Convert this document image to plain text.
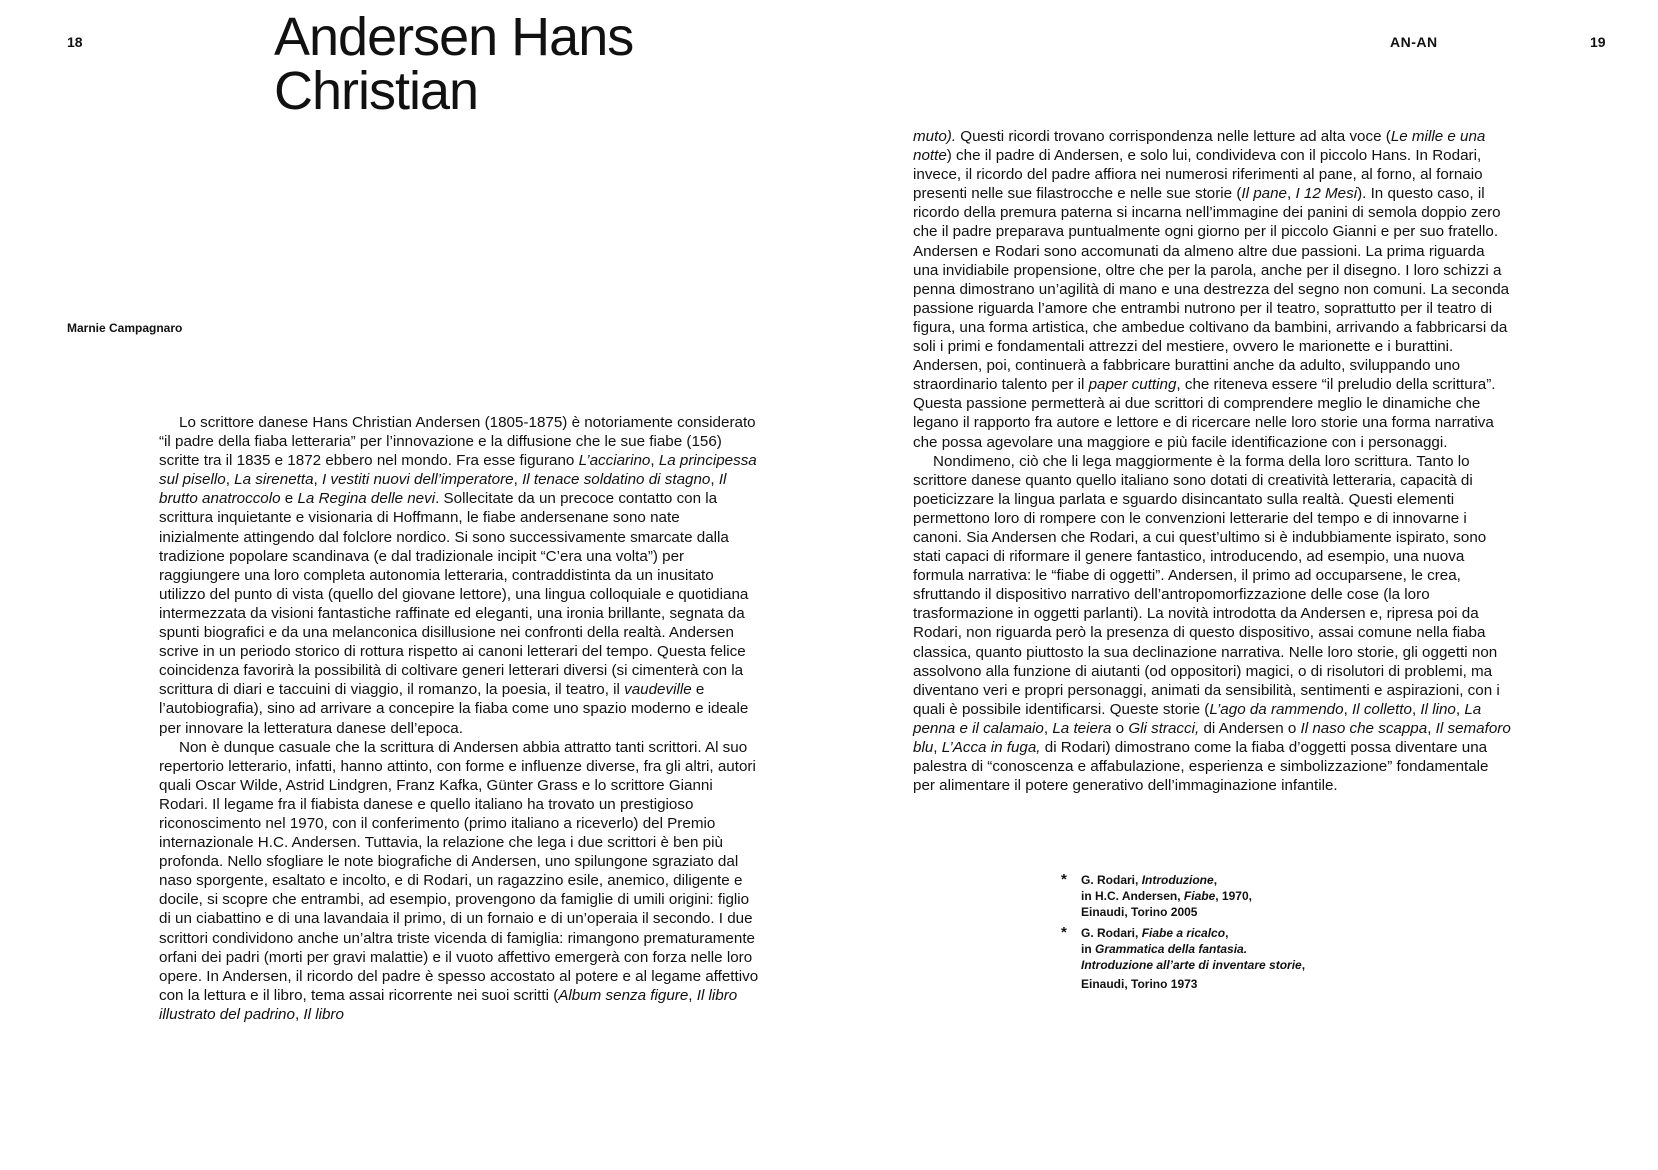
18	Andersen Hans
Christian
AN-AN	19
Marnie Campagnaro

Lo scrittore danese Hans Christian Andersen (1805-1875) è notoriamente considerato “il padre della fiaba letteraria” per l’innovazione e la diffusione che le sue fiabe (156) scritte tra il 1835 e 1872 ebbero nel mondo. Fra esse figurano L’acciarino, La principessa sul pisello, La sirenetta, I vestiti nuovi dell’imperatore, Il tenace soldatino di stagno, Il brutto anatroccolo e La Regina delle nevi. Sollecitate da un precoce contatto con la scrittura inquietante e visionaria di Hoffmann, le fiabe andersenane sono nate inizialmente attingendo dal folclore nordico. Si sono successivamente smarcate dalla tradizione popolare scandinava (e dal tradizionale incipit “C’era una volta”) per raggiungere una loro completa autonomia letteraria, contraddistinta da un inusitato utilizzo del punto di vista (quello del giovane lettore), una lingua colloquiale e quotidiana intermezzata da visioni fantastiche raffinate ed eleganti, una ironia brillante, segnata da spunti biografici e da una melanconica disillusione nei confronti della realtà. Andersen scrive in un periodo storico di rottura rispetto ai canoni letterari del tempo. Questa felice coincidenza favorirà la possibilità di coltivare generi letterari diversi (si cimenterà con la scrittura di diari e taccuini di viaggio, il romanzo, la poesia, il teatro, il vaudeville e l’autobiografia), sino ad arrivare a concepire la fiaba come uno spazio moderno e ideale per innovare la letteratura danese dell’epoca.

Non è dunque casuale che la scrittura di Andersen abbia attratto tanti scrittori. Al suo repertorio letterario, infatti, hanno attinto, con forme e influenze diverse, fra gli altri, autori quali Oscar Wilde, Astrid Lindgren, Franz Kafka, Günter Grass e lo scrittore Gianni Rodari. Il legame fra il fiabista danese e quello italiano ha trovato un prestigioso riconoscimento nel 1970, con il conferimento (primo italiano a riceverlo) del Premio internazionale H.C. Andersen. Tuttavia, la relazione che lega i due scrittori è ben più profonda. Nello sfogliare le note biografiche di Andersen, uno spilungone sgraziato dal naso sporgente, esaltato e incolto, e di Rodari, un ragazzino esile, anemico, diligente e docile, si scopre che entrambi, ad esempio, provengono da famiglie di umili origini: figlio di un ciabattino e di una lavandaia il primo, di un fornaio e di un’operaia il secondo. I due scrittori condividono anche un’altra triste vicenda di famiglia: rimangono prematuramente orfani dei padri (morti per gravi malattie) e il vuoto affettivo emergerà con forza nelle loro opere. In Andersen, il ricordo del padre è spesso accostato al potere e al legame affettivo con la lettura e il libro, tema assai ricorrente nei suoi scritti (Album senza figure, Il libro illustrato del padrino, Il libro

muto). Questi ricordi trovano corrispondenza nelle letture ad alta voce (Le mille e una notte) che il padre di Andersen, e solo lui, condivideva con il piccolo Hans. In Rodari, invece, il ricordo del padre affiora nei numerosi riferimenti al pane, al forno, al fornaio presenti nelle sue filastrocche e nelle sue storie (Il pane, I 12 Mesi). In questo caso, il ricordo della premura paterna si incarna nell’immagine dei panini di semola doppio zero che il padre preparava puntualmente ogni giorno per il piccolo Gianni e per suo fratello. Andersen e Rodari sono accomunati da almeno altre due passioni. La prima riguarda una invidiabile propensione, oltre che per la parola, anche per il disegno. I loro schizzi a penna dimostrano un’agilità di mano e una destrezza del segno non comuni. La seconda passione riguarda l’amore che entrambi nutrono per il teatro, soprattutto per il teatro di figura, una forma artistica, che ambedue coltivano da bambini, arrivando a fabbricarsi da soli i primi e fondamentali attrezzi del mestiere, ovvero le marionette e i burattini. Andersen, poi, continuerà a fabbricare burattini anche da adulto, sviluppando uno straordinario talento per il paper cutting, che riteneva essere “il preludio della scrittura”. Questa passione permetterà ai due scrittori di comprendere meglio le dinamiche che legano il rapporto fra autore e lettore e di ricercare nelle loro storie una forma narrativa che possa agevolare una maggiore e più facile identificazione con i personaggi.

Nondimeno, ciò che li lega maggiormente è la forma della loro scrittura. Tanto lo scrittore danese quanto quello italiano sono dotati di creatività letteraria, capacità di poeticizzare la lingua parlata e sguardo disincantato sulla realtà. Questi elementi permettono loro di rompere con le convenzioni letterarie del tempo e di innovarne i canoni. Sia Andersen che Rodari, a cui quest’ultimo si è indubbiamente ispirato, sono stati capaci di riformare il genere fantastico, introducendo, ad esempio, una nuova formula narrativa: le “fiabe di oggetti”. Andersen, il primo ad occuparsene, le crea, sfruttando il dispositivo narrativo dell’antropomorfizzazione delle cose (la loro trasformazione in oggetti parlanti). La novità introdotta da Andersen e, ripresa poi da Rodari, non riguarda però la presenza di questo dispositivo, assai comune nella fiaba classica, quanto piuttosto la sua declinazione narrativa. Nelle loro storie, gli oggetti non assolvono alla funzione di aiutanti (od oppositori) magici, o di risolutori di problemi, ma diventano veri e propri personaggi, animati da sensibilità, sentimenti e aspirazioni, con i quali è possibile identificarsi. Queste storie (L’ago da rammendo, Il colletto, Il lino, La penna e il calamaio, La teiera o Gli stracci, di Andersen o Il naso che scappa, Il semaforo blu, L’Acca in fuga, di Rodari) dimostrano come la fiaba d’oggetti possa diventare una palestra di “conoscenza e affabulazione, esperienza e simbolizzazione” fondamentale per alimentare il potere generativo dell’immaginazione infantile.

* G. Rodari, Introduzione,
in H.C. Andersen, Fiabe, 1970,
Einaudi, Torino 2005
* G. Rodari, Fiabe a ricalco,
in Grammatica della fantasia.
Introduzione all’arte di inventare storie,
Einaudi, Torino 1973
